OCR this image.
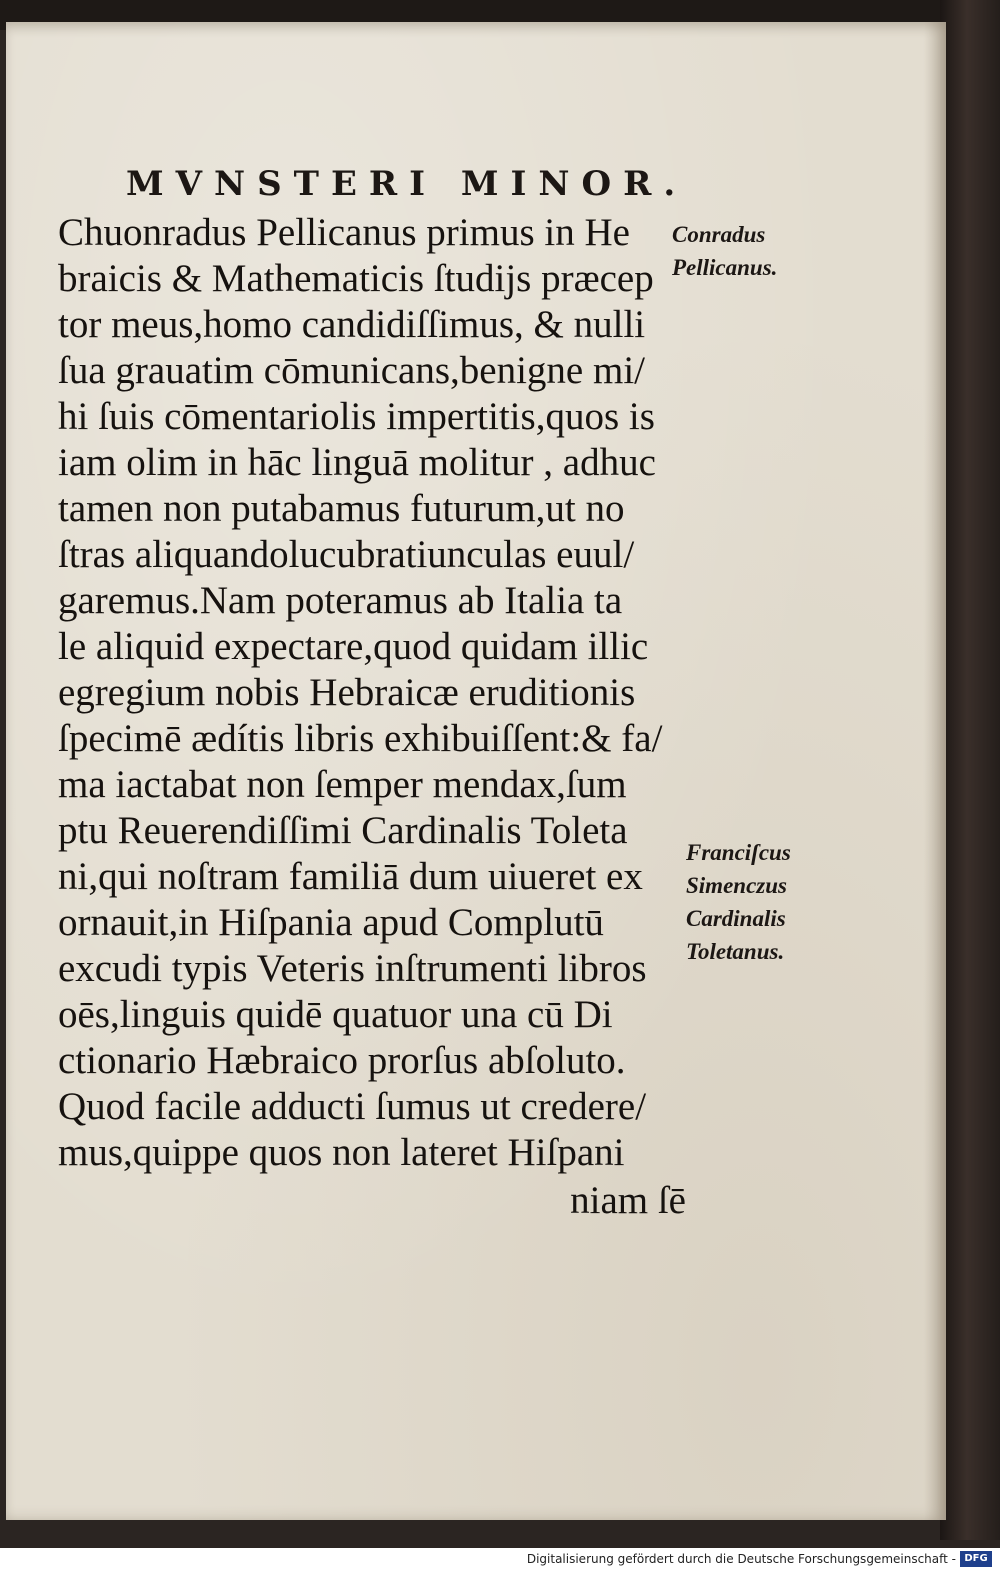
MVNSTERI MINOR.
Chuonradus Pellicanus primus in He
braicis & Mathematicis ſtudijs præcep
tor meus,homo candidiſſimus, & nulli
ſua grauatim cōmunicans,benigne mi/
hi ſuis cōmentariolis impertitis,quos is
iam olim in hāc linguā molitur , adhuc
tamen non putabamus futurum,ut no
ſtras aliquandolucubratiunculas euul/
garemus.Nam poteramus ab Italia ta
le aliquid expectare,quod quidam illic
egregium nobis Hebraicæ eruditionis
ſpecimē ædítis libris exhibuiſſent:& fa/
ma iactabat non ſemper mendax,ſum
ptu Reuerendiſſimi Cardinalis Toleta
ni,qui noſtram familiā dum uiueret ex
ornauit,in Hiſpania apud Complutū
excudi typis Veteris inſtrumenti libros
oēs,linguis quidē quatuor una cū Di
ctionario Hæbraico prorſus abſoluto.
Quod facile adducti ſumus ut credere/
mus,quippe quos non lateret Hiſpani
niam ſē
Conradus
Pellicanus.
Franciſcus
Simenczus
Cardinalis
Toletanus.
Digitalisierung gefördert durch die Deutsche Forschungsgemeinschaft - DFG
